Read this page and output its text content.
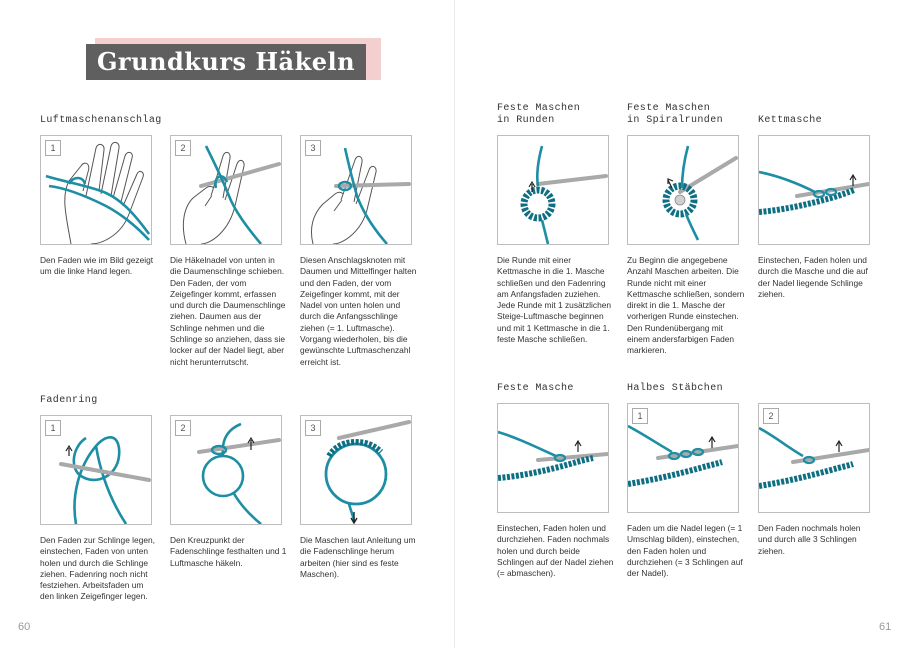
Grundkurs Häkeln
Luftmaschenanschlag
1
Den Faden wie im Bild gezeigt um die linke Hand legen.
2
Die Häkelnadel von unten in die Daumenschlinge schieben. Den Faden, der vom Zeigefinger kommt, erfassen und durch die Daumenschlinge ziehen. Daumen aus der Schlinge nehmen und die Schlinge so anziehen, dass sie locker auf der Nadel liegt, aber nicht herunterrutscht.
3
Diesen Anschlagsknoten mit Daumen und Mittelfinger halten und den Faden, der vom Zeigefinger kommt, mit der Nadel von unten holen und durch die Anfangsschlinge ziehen (= 1. Luftmasche). Vorgang wiederholen, bis die gewünschte Luftmaschenzahl erreicht ist.
Fadenring
1
Den Faden zur Schlinge legen, einstechen, Faden von unten holen und durch die Schlinge ziehen. Fadenring noch nicht festziehen. Arbeitsfaden um den linken Zeigefinger legen.
2
Den Kreuzpunkt der Fadenschlinge festhalten und 1 Luftmasche häkeln.
3
Die Maschen laut Anleitung um die Fadenschlinge herum arbeiten (hier sind es feste Maschen).
60
Feste Maschen
in Runden
Feste Maschen
in Spiralrunden	Kettmasche
Die Runde mit einer Kettmasche in die 1. Masche schließen und den Fadenring am Anfangsfaden zuziehen. Jede Runde mit 1 zusätzlichen Steige-Luftmasche beginnen und mit 1 Kettmasche in die 1. feste Masche schließen.
Zu Beginn die angegebene Anzahl Maschen arbeiten. Die Runde nicht mit einer Kettmasche schließen, sondern direkt in die 1. Masche der vorherigen Runde einstechen. Den Rundenübergang mit einem andersfarbigen Faden markieren.
Einstechen, Faden holen und durch die Masche und die auf der Nadel liegende Schlinge ziehen.
Feste Masche	Halbes Stäbchen
Einstechen, Faden holen und durchziehen. Faden nochmals holen und durch beide Schlingen auf der Nadel ziehen (= abmaschen).
1
Faden um die Nadel legen (= 1 Umschlag bilden), einstechen, den Faden holen und durchziehen (= 3 Schlingen auf der Nadel).
2
Den Faden nochmals holen und durch alle 3 Schlingen ziehen.
61
